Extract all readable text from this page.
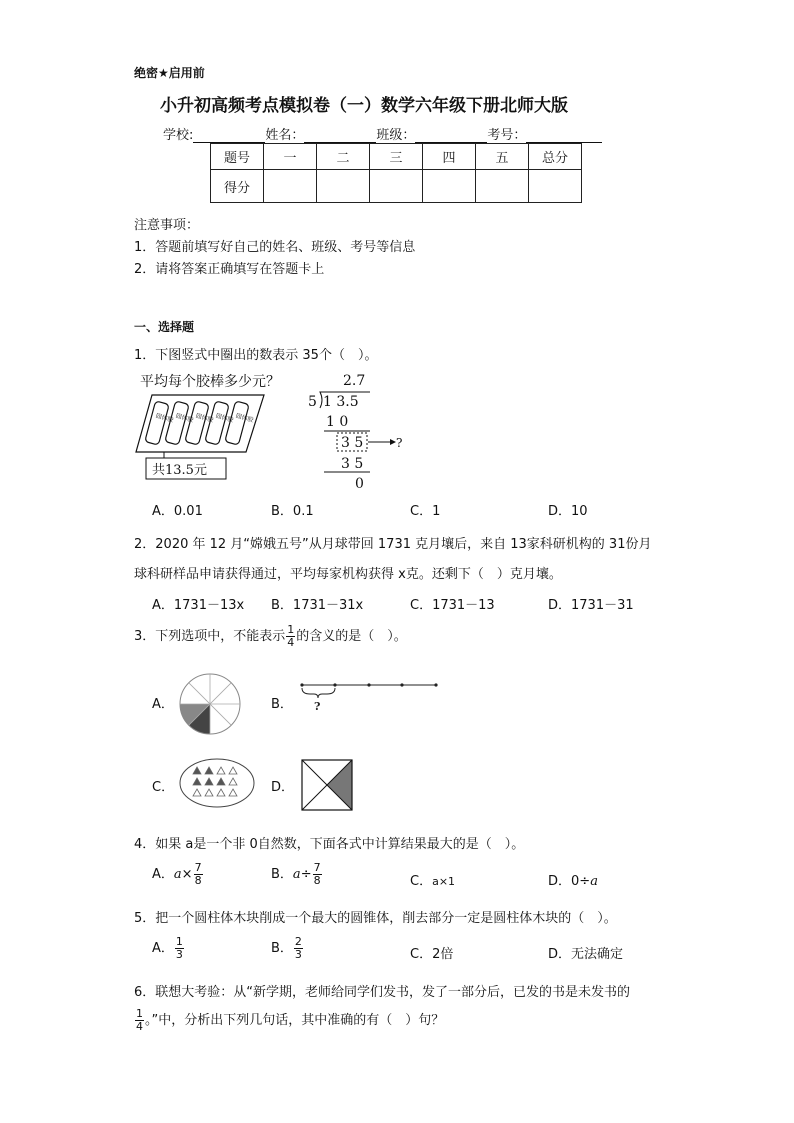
绝密★启用前
小升初高频考点模拟卷（一）数学六年级下册北师大版
学校:	姓名：	班级：	考号：
题号	一	二	三	四	五	总分
得分						
注意事项：
1．答题前填写好自己的姓名、班级、考号等信息
2．请将答案正确填写在答题卡上
一、选择题
1．下图竖式中圈出的数表示 35个（　）。
平均每个胶棒多少元？
固体胶 固体胶 固体胶 固体胶 固体胶
共13.5元
2.7
5 1 3.5
1 0
3 5
3 5
0
?
A．0.01	B．0.1	C．1	D．10
2．2020 年 12 月“嫦娥五号”从月球带回 1731 克月壤后，来自 13家科研机构的 31份月
球科研样品申请获得通过，平均每家机构获得 x克。还剩下（　）克月壤。
A．1731－13x B．1731－31x	C．1731－13	D．1731－31
3．下列选项中，不能表示 $\frac{1}{4}$ 的含义的是（　）。
A．	B． ?
C．	D．
4．如果 a是一个非 0自然数，下面各式中计算结果最大的是（　）。
A．$a\times \frac{7}{8}$	B．$a\div \frac{7}{8}$	C．a×1	D．0÷a
5．把一个圆柱体木块削成一个最大的圆锥体，削去部分一定是圆柱体木块的（　）。
A． $\frac{1}{3}$	B． $\frac{2}{3}$	C．2倍	D．无法确定
6．联想大考验：从“新学期，老师给同学们发书，发了一部分后，已发的书是未发书的
$\frac{1}{4}$ 。”中，分析出下列几句话，其中准确的有（　）句？
